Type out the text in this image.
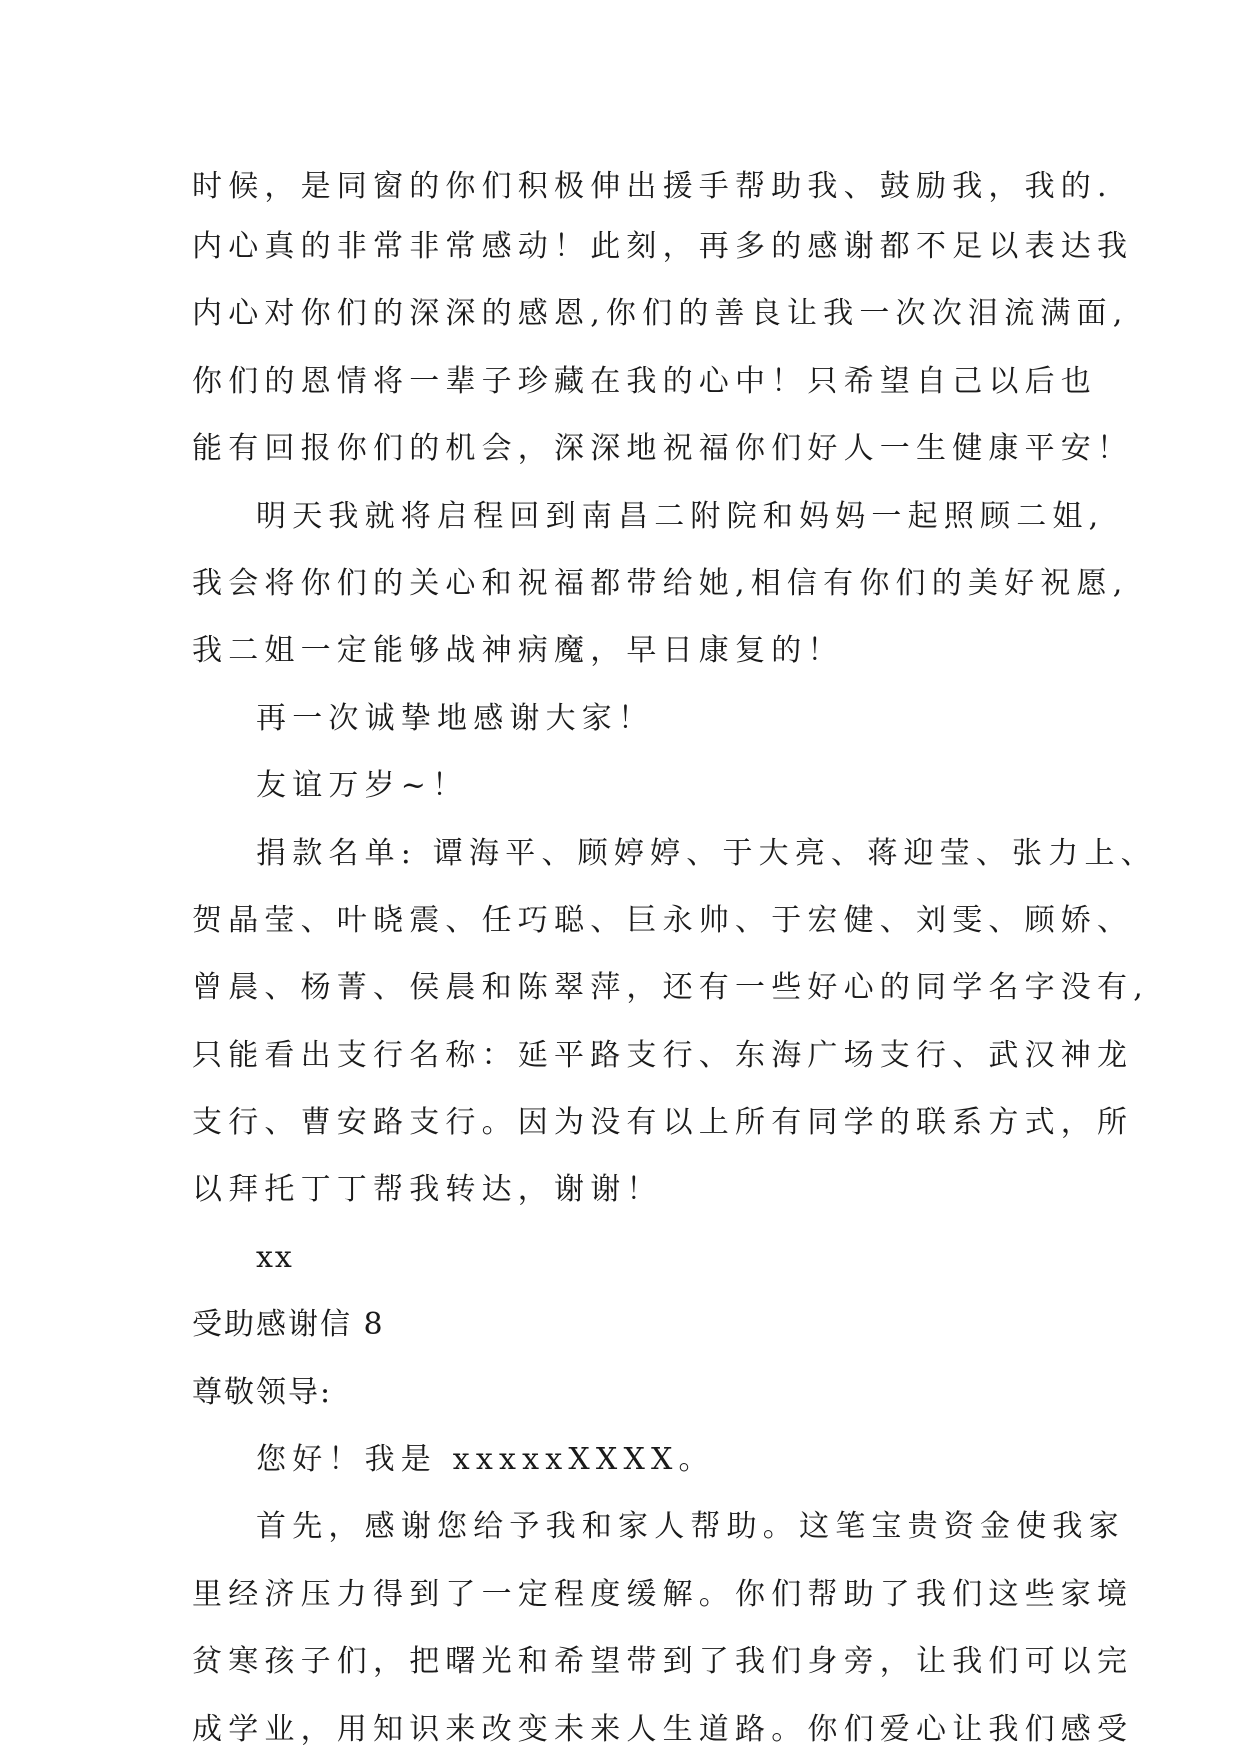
时候，是同窗的你们积极伸出援手帮助我、鼓励我，我的.
内心真的非常非常感动！此刻，再多的感谢都不足以表达我
内心对你们的深深的感恩,你们的善良让我一次次泪流满面,
你们的恩情将一辈子珍藏在我的心中！只希望自己以后也
能有回报你们的机会，深深地祝福你们好人一生健康平安！
明天我就将启程回到南昌二附院和妈妈一起照顾二姐,
我会将你们的关心和祝福都带给她,相信有你们的美好祝愿,
我二姐一定能够战神病魔，早日康复的！
再一次诚挚地感谢大家！
友谊万岁~！
捐款名单: 谭海平、顾婷婷、于大亮、蒋迎莹、张力上、
贺晶莹、叶晓震、任巧聪、巨永帅、于宏健、刘雯、顾娇、
曾晨、杨菁、侯晨和陈翠萍，还有一些好心的同学名字没有,
只能看出支行名称：延平路支行、东海广场支行、武汉神龙
支行、曹安路支行。因为没有以上所有同学的联系方式，所
以拜托丁丁帮我转达，谢谢！
xx
受助感谢信 8
尊敬领导:
您好！我是 xxxxxXXXX。
首先，感谢您给予我和家人帮助。这笔宝贵资金使我家
里经济压力得到了一定程度缓解。你们帮助了我们这些家境
贫寒孩子们，把曙光和希望带到了我们身旁，让我们可以完
成学业，用知识来改变未来人生道路。你们爱心让我们感受
